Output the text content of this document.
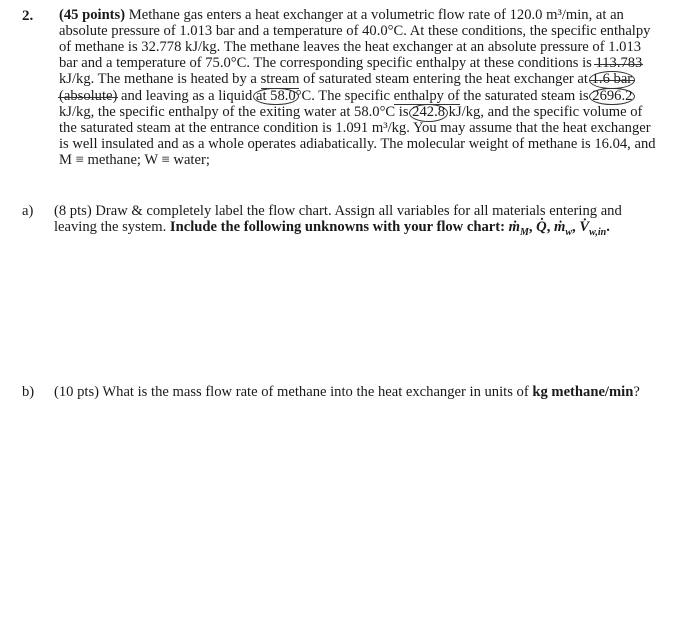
2. (45 points) Methane gas enters a heat exchanger at a volumetric flow rate of 120.0 m³/min, at an absolute pressure of 1.013 bar and a temperature of 40.0°C. At these conditions, the specific enthalpy of methane is 32.778 kJ/kg. The methane leaves the heat exchanger at an absolute pressure of 1.013 bar and a temperature of 75.0°C. The corresponding specific enthalpy at these conditions is 113.783 kJ/kg. The methane is heated by a stream of saturated steam entering the heat exchanger at 1.6 bar (absolute) and leaving as a liquid at 58.0°C. The specific enthalpy of the saturated steam is 2696.2 kJ/kg, the specific enthalpy of the exiting water at 58.0°C is 242.8 kJ/kg, and the specific volume of the saturated steam at the entrance condition is 1.091 m³/kg. You may assume that the heat exchanger is well insulated and as a whole operates adiabatically. The molecular weight of methane is 16.04, and M ≡ methane; W ≡ water;
a) (8 pts) Draw & completely label the flow chart. Assign all variables for all materials entering and leaving the system. Include the following unknowns with your flow chart: ṁ$_M$, Q̇, ṁ$_w$, $V̇_{w,in}$.
b) (10 pts) What is the mass flow rate of methane into the heat exchanger in units of kg methane/min?
